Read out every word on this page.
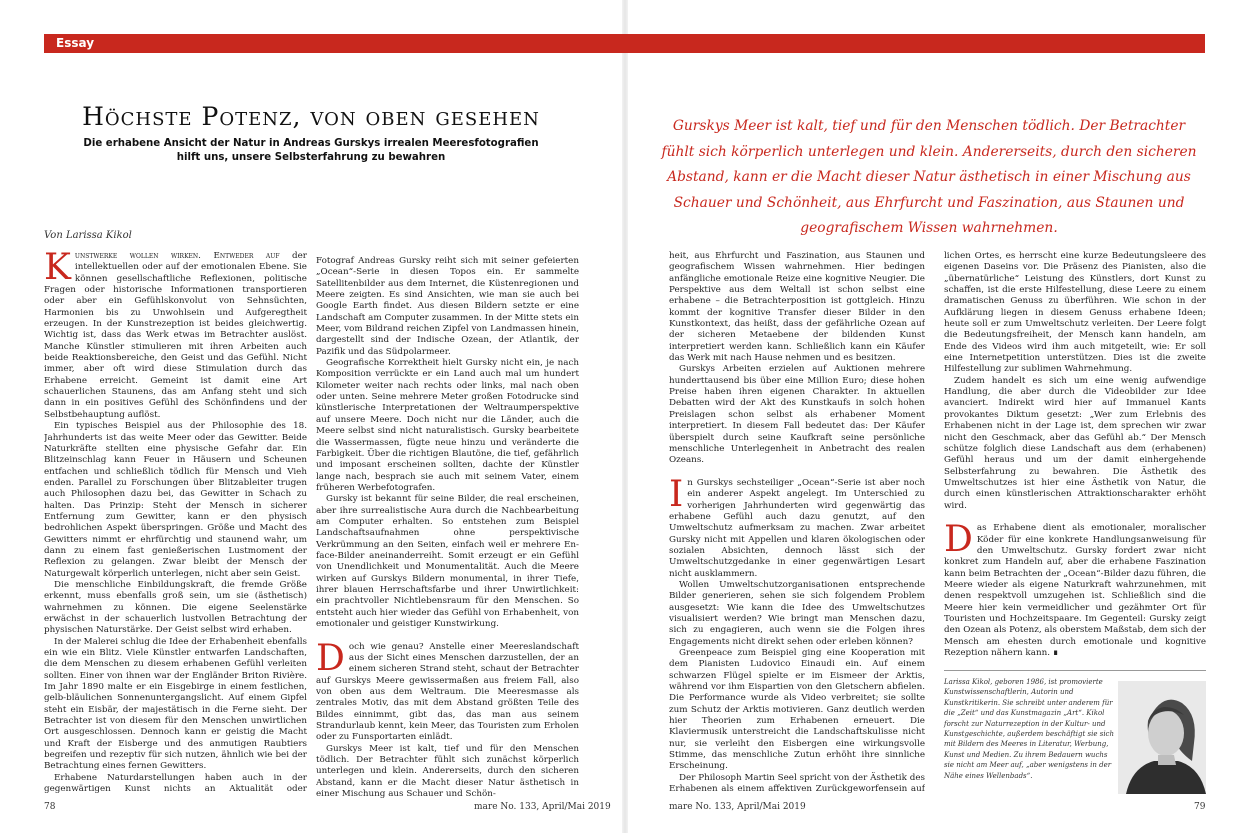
Essay
Höchste Potenz, von oben gesehen
Die erhabene Ansicht der Natur in Andreas Gurskys irrealen Meeresfotografien hilft uns, unsere Selbsterfahrung zu bewahren
Gurskys Meer ist kalt, tief und für den Menschen tödlich. Der Betrachter fühlt sich körperlich unterlegen und klein. Andererseits, durch den sicheren Abstand, kann er die Macht dieser Natur ästhetisch in einer Mischung aus Schauer und Schönheit, aus Ehrfurcht und Faszination, aus Staunen und geografischem Wissen wahrnehmen.
Von Larissa Kikol

Kunstwerke wollen wirken. Entweder auf der intellektuellen oder auf der emotionalen Ebene. Sie können gesellschaftliche Reflexionen, politische Fragen oder historische Informationen transportieren oder aber ein Gefühlskonvolut von Sehnsüchten, Harmonien bis zu Unwohlsein und Aufgeregtheit erzeugen. In der Kunstrezeption ist beides gleichwertig. Wichtig ist, dass das Werk etwas im Betrachter auslöst. Manche Künstler stimulieren mit ihren Arbeiten auch beide Reaktionsbereiche, den Geist und das Gefühl. Nicht immer, aber oft wird diese Stimulation durch das Erhabene erreicht. Gemeint ist damit eine Art schauerlichen Staunens, das am Anfang steht und sich dann in ein positives Gefühl des Schönfindens und der Selbstbehauptung auflöst.

Ein typisches Beispiel aus der Philosophie des 18. Jahrhunderts ist das weite Meer oder das Gewitter. Beide Naturkräfte stellten eine physische Gefahr dar. Ein Blitzeinschlag kann Feuer in Häusern und Scheunen entfachen und schließlich tödlich für Mensch und Vieh enden. Parallel zu Forschungen über Blitzableiter trugen auch Philosophen dazu bei, das Gewitter in Schach zu halten. Das Prinzip: Steht der Mensch in sicherer Entfernung zum Gewitter, kann er den physisch bedrohlichen Aspekt überspringen. Größe und Macht des Gewitters nimmt er ehrfürchtig und staunend wahr, um dann zu einem fast genießerischen Lustmoment der Reflexion zu gelangen. Zwar bleibt der Mensch der Naturgewalt körperlich unterlegen, nicht aber sein Geist.

Die menschliche Einbildungskraft, die fremde Größe erkennt, muss ebenfalls groß sein, um sie (ästhetisch) wahrnehmen zu können. Die eigene Seelenstärke erwächst in der schauerlich lustvollen Betrachtung der physischen Naturstärke. Der Geist selbst wird erhaben.

In der Malerei schlug die Idee der Erhabenheit ebenfalls ein wie ein Blitz. Viele Künstler entwarfen Landschaften, die dem Menschen zu diesem erhabenen Gefühl verleiten sollten. Einer von ihnen war der Engländer Briton Rivière. Im Jahr 1890 malte er ein Eisgebirge in einem festlichen, gelb-bläulichen Sonnenuntergangslicht. Auf einem Gipfel steht ein Eisbär, der majestätisch in die Ferne sieht. Der Betrachter ist von diesem für den Menschen unwirtlichen Ort ausgeschlossen. Dennoch kann er geistig die Macht und Kraft der Eisberge und des anmutigen Raubtiers begreifen und rezeptiv für sich nutzen, ähnlich wie bei der Betrachtung eines fernen Gewitters.

Erhabene Naturdarstellungen haben auch in der gegenwärtigen Kunst nichts an Aktualität oder

Fotograf Andreas Gursky reiht sich mit seiner gefeierten „Ocean“-Serie in diesen Topos ein. Er sammelte Satellitenbilder aus dem Internet, die Küstenregionen und Meere zeigten. Es sind Ansichten, wie man sie auch bei Google Earth findet. Aus diesen Bildern setzte er eine Landschaft am Computer zusammen. In der Mitte stets ein Meer, vom Bildrand reichen Zipfel von Landmassen hinein, dargestellt sind der Indische Ozean, der Atlantik, der Pazifik und das Südpolarmeer.

Geografische Korrektheit hielt Gursky nicht ein, je nach Komposition verrückte er ein Land auch mal um hundert Kilometer weiter nach rechts oder links, mal nach oben oder unten. Seine mehrere Meter großen Fotodrucke sind künstlerische Interpretationen der Weltraumperspektive auf unsere Meere. Doch nicht nur die Länder, auch die Meere selbst sind nicht naturalistisch. Gursky bearbeitete die Wassermassen, fügte neue hinzu und veränderte die Farbigkeit. Über die richtigen Blautöne, die tief, gefährlich und imposant erscheinen sollten, dachte der Künstler lange nach, besprach sie auch mit seinem Vater, einem früheren Werbefotografen.

Gursky ist bekannt für seine Bilder, die real erscheinen, aber ihre surrealistische Aura durch die Nachbearbeitung am Computer erhalten. So entstehen zum Beispiel Landschaftsaufnahmen ohne perspektivische Verkrümmung an den Seiten, einfach weil er mehrere En-face-Bilder aneinanderreiht. Somit erzeugt er ein Gefühl von Unendlichkeit und Monumentalität. Auch die Meere wirken auf Gurskys Bildern monumental, in ihrer Tiefe, ihrer blauen Herrschaftsfarbe und ihrer Unwirtlichkeit: ein prachtvoller Nichtlebensraum für den Menschen. So entsteht auch hier wieder das Gefühl von Erhabenheit, von emotionaler und geistiger Kunstwirkung.

Doch wie genau? Anstelle einer Meereslandschaft aus der Sicht eines Menschen darzustellen, der an einem sicheren Strand steht, schaut der Betrachter auf Gurskys Meere gewissermaßen aus freiem Fall, also von oben aus dem Weltraum. Die Meeresmasse als zentrales Motiv, das mit dem Abstand größten Teile des Bildes einnimmt, gibt das, das man aus seinem Strandurlaub kennt, kein Meer, das Touristen zum Erholen oder zu Funsportarten einlädt.

Gurskys Meer ist kalt, tief und für den Menschen tödlich. Der Betrachter fühlt sich zunächst körperlich unterlegen und klein. Andererseits, durch den sicheren Abstand, kann er die Macht dieser Natur ästhetisch in einer Mischung aus Schauer und Schön-

heit, aus Ehrfurcht und Faszination, aus Staunen und geografischem Wissen wahrnehmen. Hier bedingen anfängliche emotionale Reize eine kognitive Neugier. Die Perspektive aus dem Weltall ist schon selbst eine erhabene – die Betrachterposition ist gottgleich. Hinzu kommt der kognitive Transfer dieser Bilder in den Kunstkontext, das heißt, dass der gefährliche Ozean auf der sicheren Metaebene der bildenden Kunst interpretiert werden kann. Schließlich kann ein Käufer das Werk mit nach Hause nehmen und es besitzen.

Gurskys Arbeiten erzielen auf Auktionen mehrere hunderttausend bis über eine Million Euro; diese hohen Preise haben ihren eigenen Charakter. In aktuellen Debatten wird der Akt des Kunstkaufs in solch hohen Preislagen schon selbst als erhabener Moment interpretiert. In diesem Fall bedeutet das: Der Käufer überspielt durch seine Kaufkraft seine persönliche menschliche Unterlegenheit in Anbetracht des realen Ozeans.

In Gurskys sechsteiliger „Ocean“-Serie ist aber noch ein anderer Aspekt angelegt. Im Unterschied zu vorherigen Jahrhunderten wird gegenwärtig das erhabene Gefühl auch dazu genutzt, auf den Umweltschutz aufmerksam zu machen. Zwar arbeitet Gursky nicht mit Appellen und klaren ökologischen oder sozialen Absichten, dennoch lässt sich der Umweltschutzgedanke in einer gegenwärtigen Lesart nicht ausklammern.

Wollen Umweltschutzorganisationen entsprechende Bilder generieren, sehen sie sich folgendem Problem ausgesetzt: Wie kann die Idee des Umweltschutzes visualisiert werden? Wie bringt man Menschen dazu, sich zu engagieren, auch wenn sie die Folgen ihres Engagements nicht direkt sehen oder erleben können?

Greenpeace zum Beispiel ging eine Kooperation mit dem Pianisten Ludovico Einaudi ein. Auf einem schwarzen Flügel spielte er im Eismeer der Arktis, während vor ihm Eispartien von den Gletschern abfielen. Die Performance wurde als Video verbreitet; sie sollte zum Schutz der Arktis motivieren. Ganz deutlich werden hier Theorien zum Erhabenen erneuert. Die Klaviermusik unterstreicht die Landschaftskulisse nicht nur, sie verleiht den Eisbergen eine wirkungsvolle Stimme, das menschliche Zutun erhöht ihre sinnliche Erscheinung.

Der Philosoph Martin Seel spricht von der Ästhetik des Erhabenen als einem affektiven Zurückgeworfensein auf

lichen Ortes, es herrscht eine kurze Bedeutungsleere des eigenen Daseins vor. Die Präsenz des Pianisten, also die „übernatürliche“ Leistung des Künstlers, dort Kunst zu schaffen, ist die erste Hilfestellung, diese Leere zu einem dramatischen Genuss zu überführen. Wie schon in der Aufklärung liegen in diesem Genuss erhabene Ideen; heute soll er zum Umweltschutz verleiten. Der Leere folgt die Bedeutungsfreiheit, der Mensch kann handeln, am Ende des Videos wird ihm auch mitgeteilt, wie: Er soll eine Internetpetition unterstützen. Dies ist die zweite Hilfestellung zur sublimen Wahrnehmung.

Zudem handelt es sich um eine wenig aufwendige Handlung, die aber durch die Videobilder zur Idee avanciert. Indirekt wird hier auf Immanuel Kants provokantes Diktum gesetzt: „Wer zum Erlebnis des Erhabenen nicht in der Lage ist, dem sprechen wir zwar nicht den Geschmack, aber das Gefühl ab.“ Der Mensch schütze folglich diese Landschaft aus dem (erhabenen) Gefühl heraus und um der damit einhergehende Selbsterfahrung zu bewahren. Die Ästhetik des Umweltschutzes ist hier eine Ästhetik von Natur, die durch einen künstlerischen Attraktionscharakter erhöht wird.

Das Erhabene dient als emotionaler, moralischer Köder für eine konkrete Handlungsanweisung für den Umweltschutz. Gursky fordert zwar nicht konkret zum Handeln auf, aber die erhabene Faszination kann beim Betrachten der „Ocean“-Bilder dazu führen, die Meere wieder als eigene Naturkraft wahrzunehmen, mit denen respektvoll umzugehen ist. Schließlich sind die Meere hier kein vermeidlicher und gezähmter Ort für Touristen und Hochzeitspaare. Im Gegenteil: Gursky zeigt den Ozean als Potenz, als oberstem Maßstab, dem sich der Mensch am ehesten durch emotionale und kognitive Rezeption nähern kann. ∎

Larissa Kikol, geboren 1986, ist promovierte Kunstwissenschaftlerin, Autorin und Kunstkritikerin. Sie schreibt unter anderem für die „Zeit“ und das Kunstmagazin „Art“. Kikol forscht zur Naturrezeption in der Kultur- und Kunstgeschichte, außerdem beschäftigt sie sich mit Bildern des Meeres in Literatur, Werbung, Kunst und Medien. Zu ihrem Bedauern wuchs sie nicht am Meer auf, „aber wenigstens in der Nähe eines Wellenbads“.
78	mare No. 133, April/Mai 2019	mare No. 133, April/Mai 2019	79
